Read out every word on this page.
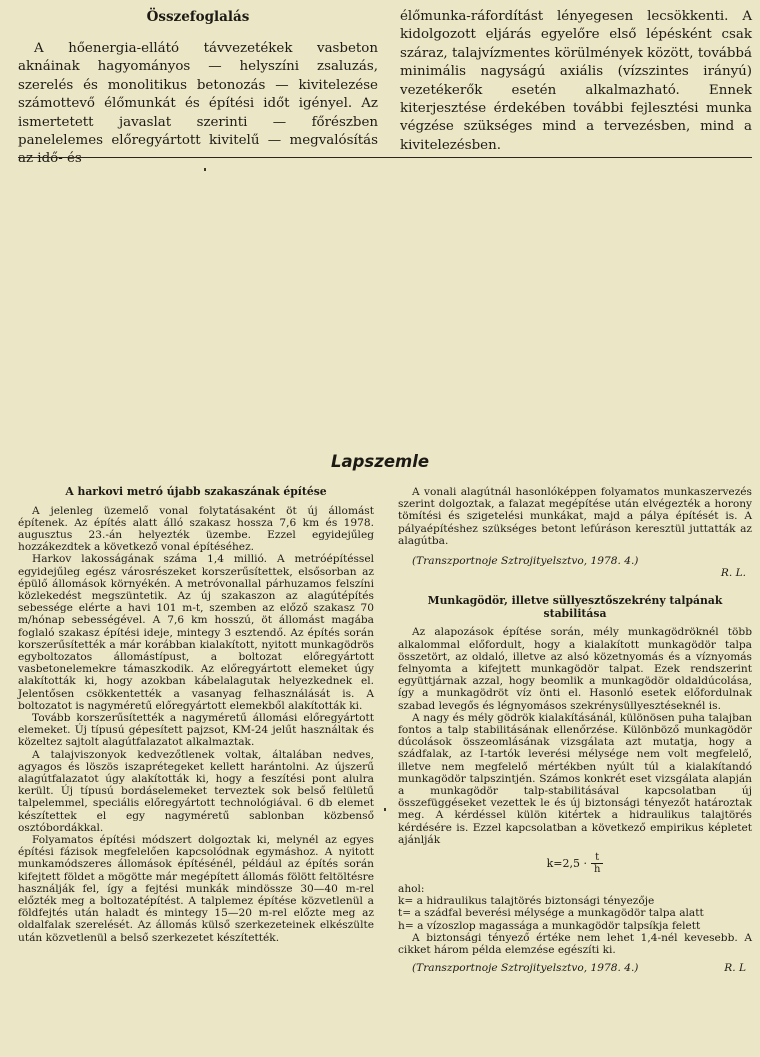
Összefoglalás

A hőenergia-ellátó távvezetékek vasbeton aknáinak hagyományos — helyszíni zsaluzás, szerelés és monolitikus betonozás — kivitelezése számottevő élőmunkát és építési időt igényel. Az ismertetett javaslat szerinti — főrészben panelelemes előregyártott kivitelű — megvalósítás az idő- és

élőmunka-ráfordítást lényegesen lecsökkenti. A kidolgozott eljárás egyelőre első lépésként csak száraz, talajvízmentes körülmények között, továbbá minimális nagyságú axiális (vízszintes irányú) vezetékerők esetén alkalmazható. Ennek kiterjesztése érdekében további fejlesztési munka végzése szükséges mind a tervezésben, mind a kivitelezésben.

Lapszemle
A harkovi metró újabb szakaszának építése

A jelenleg üzemelő vonal folytatásaként öt új állomást építenek. Az építés alatt álló szakasz hossza 7,6 km és 1978. augusztus 23.-án helyezték üzembe. Ezzel egyidejűleg hozzákezdtek a következő vonal építéséhez.

Harkov lakosságának száma 1,4 millió. A metróépítéssel egyidejűleg egész városrészeket korszerűsítettek, elsősorban az épülő állomások környékén. A metróvonallal párhuzamos felszíni közlekedést megszüntetik. Az új szakaszon az alagútépítés sebessége elérte a havi 101 m-t, szemben az előző szakasz 70 m/hónap sebességével. A 7,6 km hosszú, öt állomást magába foglaló szakasz építési ideje, mintegy 3 esztendő. Az építés során korszerűsítették a már korábban kialakított, nyitott munkagödrös egyboltozatos állomástípust, a boltozat előregyártott vasbetonelemekre támaszkodik. Az előregyártott elemeket úgy alakították ki, hogy azokban kábelalagutak helyezkednek el. Jelentősen csökkentették a vasanyag felhasználását is. A boltozatot is nagyméretű előregyártott elemekből alakították ki.

Tovább korszerűsítették a nagyméretű állomási előregyártott elemeket. Új típusú gépesített pajzsot, KM-24 jelűt használtak és közeltez sajtolt alagútfalazatot alkalmaztak.

A talajviszonyok kedvezőtlenek voltak, általában nedves, agyagos és löszös iszaprétegeket kellett harántolni. Az újszerű alagútfalazatot úgy alakították ki, hogy a feszítési pont alulra került. Új típusú bordáselemeket terveztek sok belső felületű talpelemmel, speciális előregyártott technológiával. 6 db elemet készítettek el egy nagyméretű sablonban közbenső osztóbordákkal.

Folyamatos építési módszert dolgoztak ki, melynél az egyes építési fázisok megfelelően kapcsolódnak egymáshoz. A nyitott munkamódszeres állomások építésénél, például az építés során kifejtett földet a mögötte már megépített állomás fölött feltöltésre használják fel, így a fejtési munkák mindössze 30—40 m-rel előzték meg a boltozatépítést. A talplemez építése közvetlenül a földfejtés után haladt és mintegy 15—20 m-rel előzte meg az oldalfalak szerelését. Az állomás külső szerkezeteinek elkészülte után közvetlenül a belső szerkezetet készítették.

A vonali alagútnál hasonlóképpen folyamatos munkaszervezés szerint dolgoztak, a falazat megépítése után elvégezték a horony tömítési és szigetelési munkákat, majd a pálya építését is. A pályaépítéshez szükséges betont lefúráson keresztül juttatták az alagútba.

(Transzportnoje Sztrojityelsztvo, 1978. 4.)
R. L.
Munkagödör, illetve süllyesztőszekrény talpának stabilitása

Az alapozások építése során, mély munkagödröknél több alkalommal előfordult, hogy a kialakított munkagödör talpa összetört, az oldaló, illetve az alsó közetnyomás és a víznyomás felnyomta a kifejtett munkagödör talpat. Ezek rendszerint együttjárnak azzal, hogy beomlik a munkagödör oldaldúcolása, így a munkagödröt víz önti el. Hasonló esetek előfordulnak szabad levegős és légnyomásos szekrénysüllyesztéseknél is.

A nagy és mély gödrök kialakításánál, különösen puha talajban fontos a talp stabilitásának ellenőrzése. Különböző munkagödör dúcolások összeomlásának vizsgálata azt mutatja, hogy a szádfalak, az I-tartók leverési mélysége nem volt megfelelő, illetve nem megfelelő mértékben nyúlt túl a kialakítandó munkagödör talpszintjén. Számos konkrét eset vizsgálata alapján a munkagödör talp-stabilitásával kapcsolatban új összefüggéseket vezettek le és új biztonsági tényezőt határoztak meg. A kérdéssel külön kitértek a hidraulikus talajtörés kérdésére is. Ezzel kapcsolatban a következő empirikus képletet ajánlják

$k=2,5 \cdot \frac{t}{h}$
ahol:
k= a hidraulikus talajtörés biztonsági tényezője
t= a szádfal beverési mélysége a munkagödör talpa alatt
h= a vízoszlop magassága a munkagödör talpsíkja felett

A biztonsági tényező értéke nem lehet 1,4-nél kevesebb. A cikket három példa elemzése egészíti ki.

(Transzportnoje Sztrojityelsztvo, 1978. 4.)	R. L
